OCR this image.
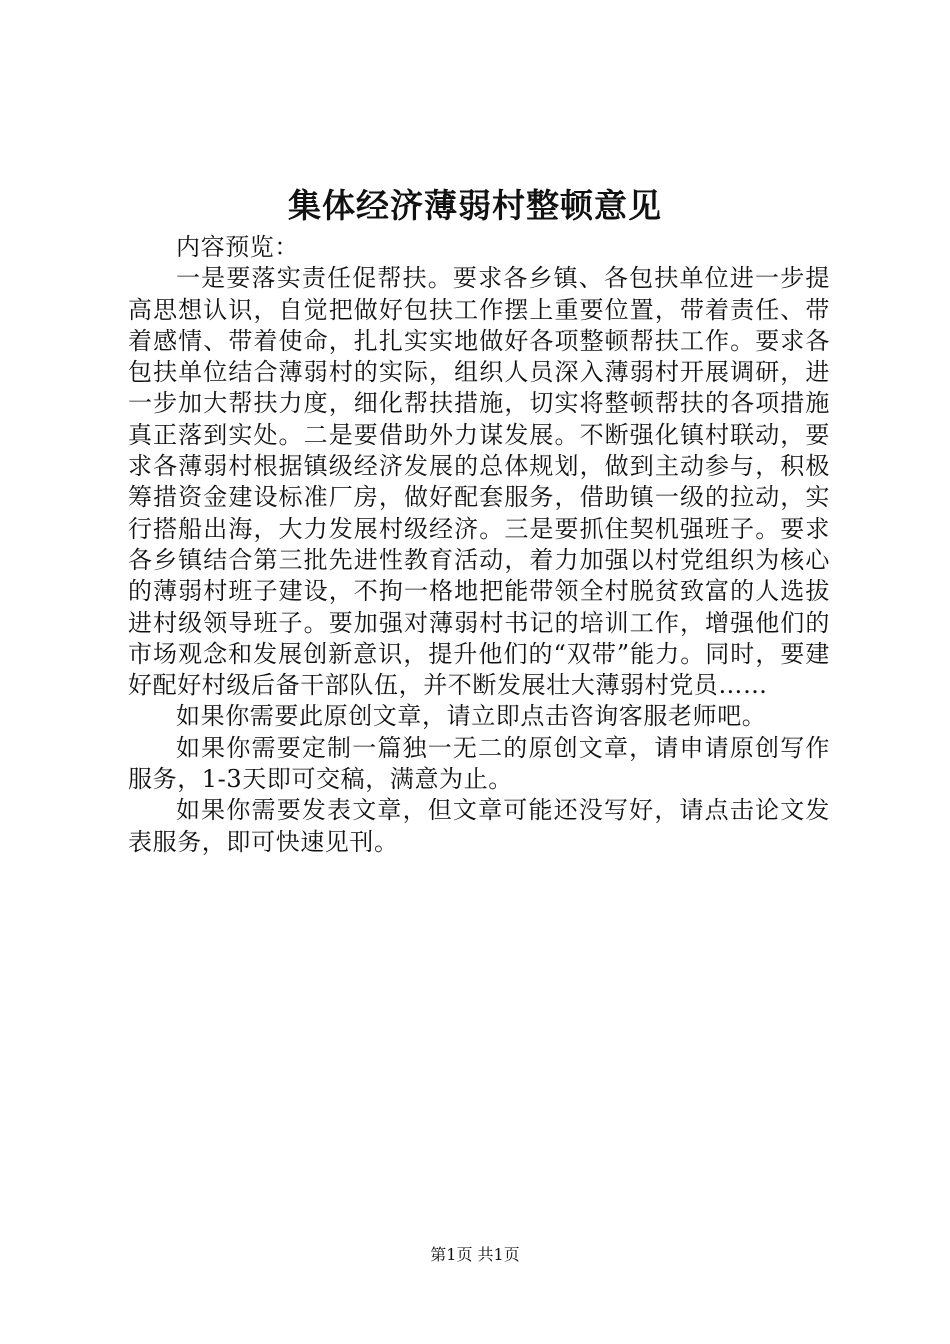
集体经济薄弱村整顿意见

内容预览：

一是要落实责任促帮扶。要求各乡镇、各包扶单位进一步提高思想认识，自觉把做好包扶工作摆上重要位置，带着责任、带着感情、带着使命，扎扎实实地做好各项整顿帮扶工作。要求各包扶单位结合薄弱村的实际，组织人员深入薄弱村开展调研，进一步加大帮扶力度，细化帮扶措施，切实将整顿帮扶的各项措施真正落到实处。二是要借助外力谋发展。不断强化镇村联动，要求各薄弱村根据镇级经济发展的总体规划，做到主动参与，积极筹措资金建设标准厂房，做好配套服务，借助镇一级的拉动，实行搭船出海，大力发展村级经济。三是要抓住契机强班子。要求各乡镇结合第三批先进性教育活动，着力加强以村党组织为核心的薄弱村班子建设，不拘一格地把能带领全村脱贫致富的人选拔进村级领导班子。要加强对薄弱村书记的培训工作，增强他们的市场观念和发展创新意识，提升他们的“双带”能力。同时，要建好配好村级后备干部队伍，并不断发展壮大薄弱村党员……

如果你需要此原创文章，请立即点击咨询客服老师吧。

如果你需要定制一篇独一无二的原创文章，请申请原创写作服务，1-3天即可交稿，满意为止。

如果你需要发表文章，但文章可能还没写好，请点击论文发表服务，即可快速见刊。

第1页 共1页
